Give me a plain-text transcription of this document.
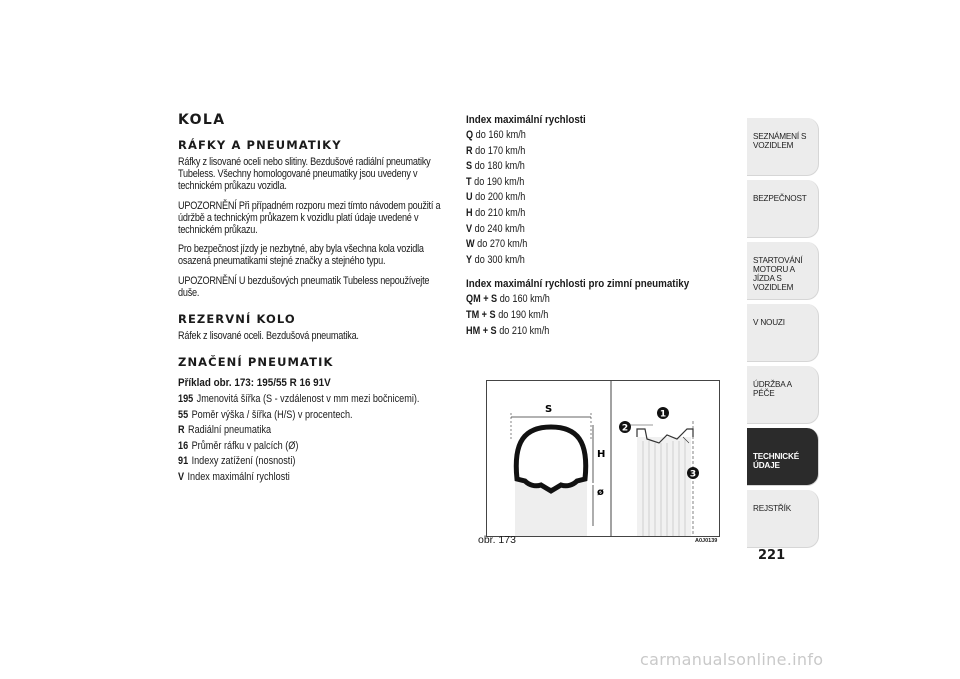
KOLA
RÁFKY A PNEUMATIKY
Ráfky z lisované oceli nebo slitiny. Bezdušové radiální pneumatiky Tubeless. Všechny homologované pneumatiky jsou uvedeny v technickém průkazu vozidla.
UPOZORNĚNÍ Při případném rozporu mezi tímto návodem použití a údržbě a technickým průkazem k vozidlu platí údaje uvedené v technickém průkazu.
Pro bezpečnost jízdy je nezbytné, aby byla všechna kola vozidla osazená pneumatikami stejné značky a stejného typu.
UPOZORNĚNÍ U bezdušových pneumatik Tubeless nepoužívejte duše.
REZERVNÍ KOLO
Ráfek z lisované oceli. Bezdušová pneumatika.
ZNAČENÍ PNEUMATIK
Příklad obr. 173: 195/55 R 16 91V
195 Jmenovitá šířka (S - vzdálenost v mm mezi bočnicemi).
55 Poměr výška / šířka (H/S) v procentech.
R Radiální pneumatika
16 Průměr ráfku v palcích (Ø)
91 Indexy zatížení (nosnosti)
V Index maximální rychlosti
Index maximální rychlosti
Q do 160 km/h
R do 170 km/h
S do 180 km/h
T do 190 km/h
U do 200 km/h
H do 210 km/h
V do 240 km/h
W do 270 km/h
Y do 300 km/h
Index maximální rychlosti pro zimní pneumatiky
QM + S do 160 km/h
TM + S do 190 km/h
HM + S do 210 km/h
S
H
ø
1
2
3
obr. 173	A0J0139
SEZNÁMENÍ S VOZIDLEM
BEZPEČNOST
STARTOVÁNÍ MOTORU A JÍZDA S VOZIDLEM
V NOUZI
ÚDRŽBA A PÉČE
TECHNICKÉ ÚDAJE
REJSTŘÍK
221
carmanualsonline.info
